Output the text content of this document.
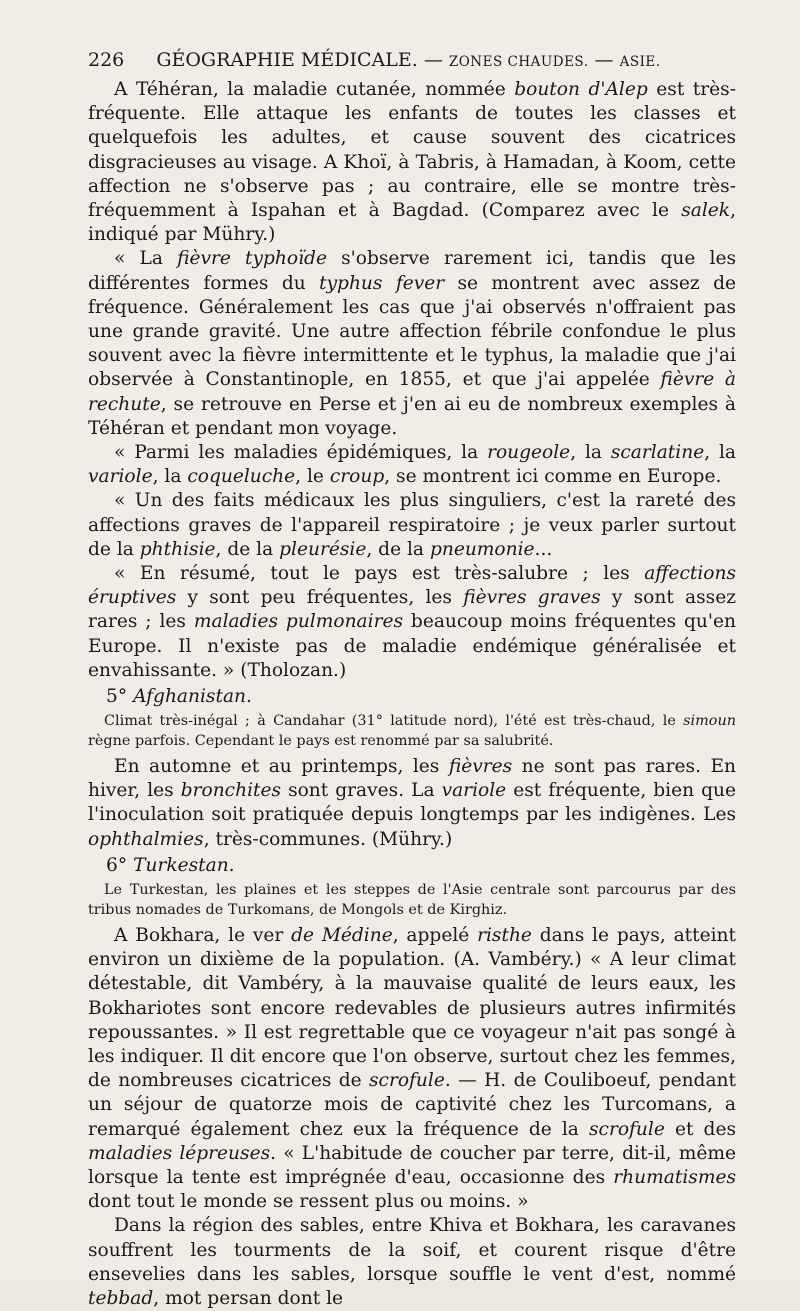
226 GÉOGRAPHIE MÉDICALE. — ZONES CHAUDES. — ASIE.

A Téhéran, la maladie cutanée, nommée bouton d'Alep est très-fréquente. Elle attaque les enfants de toutes les classes et quelquefois les adultes, et cause souvent des cicatrices disgracieuses au visage. A Khoï, à Tabris, à Hamadan, à Koom, cette affection ne s'observe pas ; au contraire, elle se montre très-fréquemment à Ispahan et à Bagdad. (Comparez avec le salek, indiqué par Mühry.)

« La fièvre typhoïde s'observe rarement ici, tandis que les différentes formes du typhus fever se montrent avec assez de fréquence. Généralement les cas que j'ai observés n'offraient pas une grande gravité. Une autre affection fébrile confondue le plus souvent avec la fièvre intermittente et le typhus, la maladie que j'ai observée à Constantinople, en 1855, et que j'ai appelée fièvre à rechute, se retrouve en Perse et j'en ai eu de nombreux exemples à Téhéran et pendant mon voyage.

« Parmi les maladies épidémiques, la rougeole, la scarlatine, la variole, la coqueluche, le croup, se montrent ici comme en Europe.

« Un des faits médicaux les plus singuliers, c'est la rareté des affections graves de l'appareil respiratoire ; je veux parler surtout de la phthisie, de la pleurésie, de la pneumonie...

« En résumé, tout le pays est très-salubre ; les affections éruptives y sont peu fréquentes, les fièvres graves y sont assez rares ; les maladies pulmonaires beaucoup moins fréquentes qu'en Europe. Il n'existe pas de maladie endémique généralisée et envahissante. » (Tholozan.)

5° Afghanistan.

Climat très-inégal ; à Candahar (31° latitude nord), l'été est très-chaud, le simoun règne parfois. Cependant le pays est renommé par sa salubrité.

En automne et au printemps, les fièvres ne sont pas rares. En hiver, les bronchites sont graves. La variole est fréquente, bien que l'inoculation soit pratiquée depuis longtemps par les indigènes. Les ophthalmies, très-communes. (Mühry.)

6° Turkestan.

Le Turkestan, les plaines et les steppes de l'Asie centrale sont parcourus par des tribus nomades de Turkomans, de Mongols et de Kirghiz.

A Bokhara, le ver de Médine, appelé risthe dans le pays, atteint environ un dixième de la population. (A. Vambéry.) « A leur climat détestable, dit Vambéry, à la mauvaise qualité de leurs eaux, les Bokhariotes sont encore redevables de plusieurs autres infirmités repoussantes. » Il est regrettable que ce voyageur n'ait pas songé à les indiquer. Il dit encore que l'on observe, surtout chez les femmes, de nombreuses cicatrices de scrofule. — H. de Couliboeuf, pendant un séjour de quatorze mois de captivité chez les Turcomans, a remarqué également chez eux la fréquence de la scrofule et des maladies lépreuses. « L'habitude de coucher par terre, dit-il, même lorsque la tente est imprégnée d'eau, occasionne des rhumatismes dont tout le monde se ressent plus ou moins. »

Dans la région des sables, entre Khiva et Bokhara, les caravanes souffrent les tourments de la soif, et courent risque d'être ensevelies dans les sables, lorsque souffle le vent d'est, nommé tebbad, mot persan dont le
